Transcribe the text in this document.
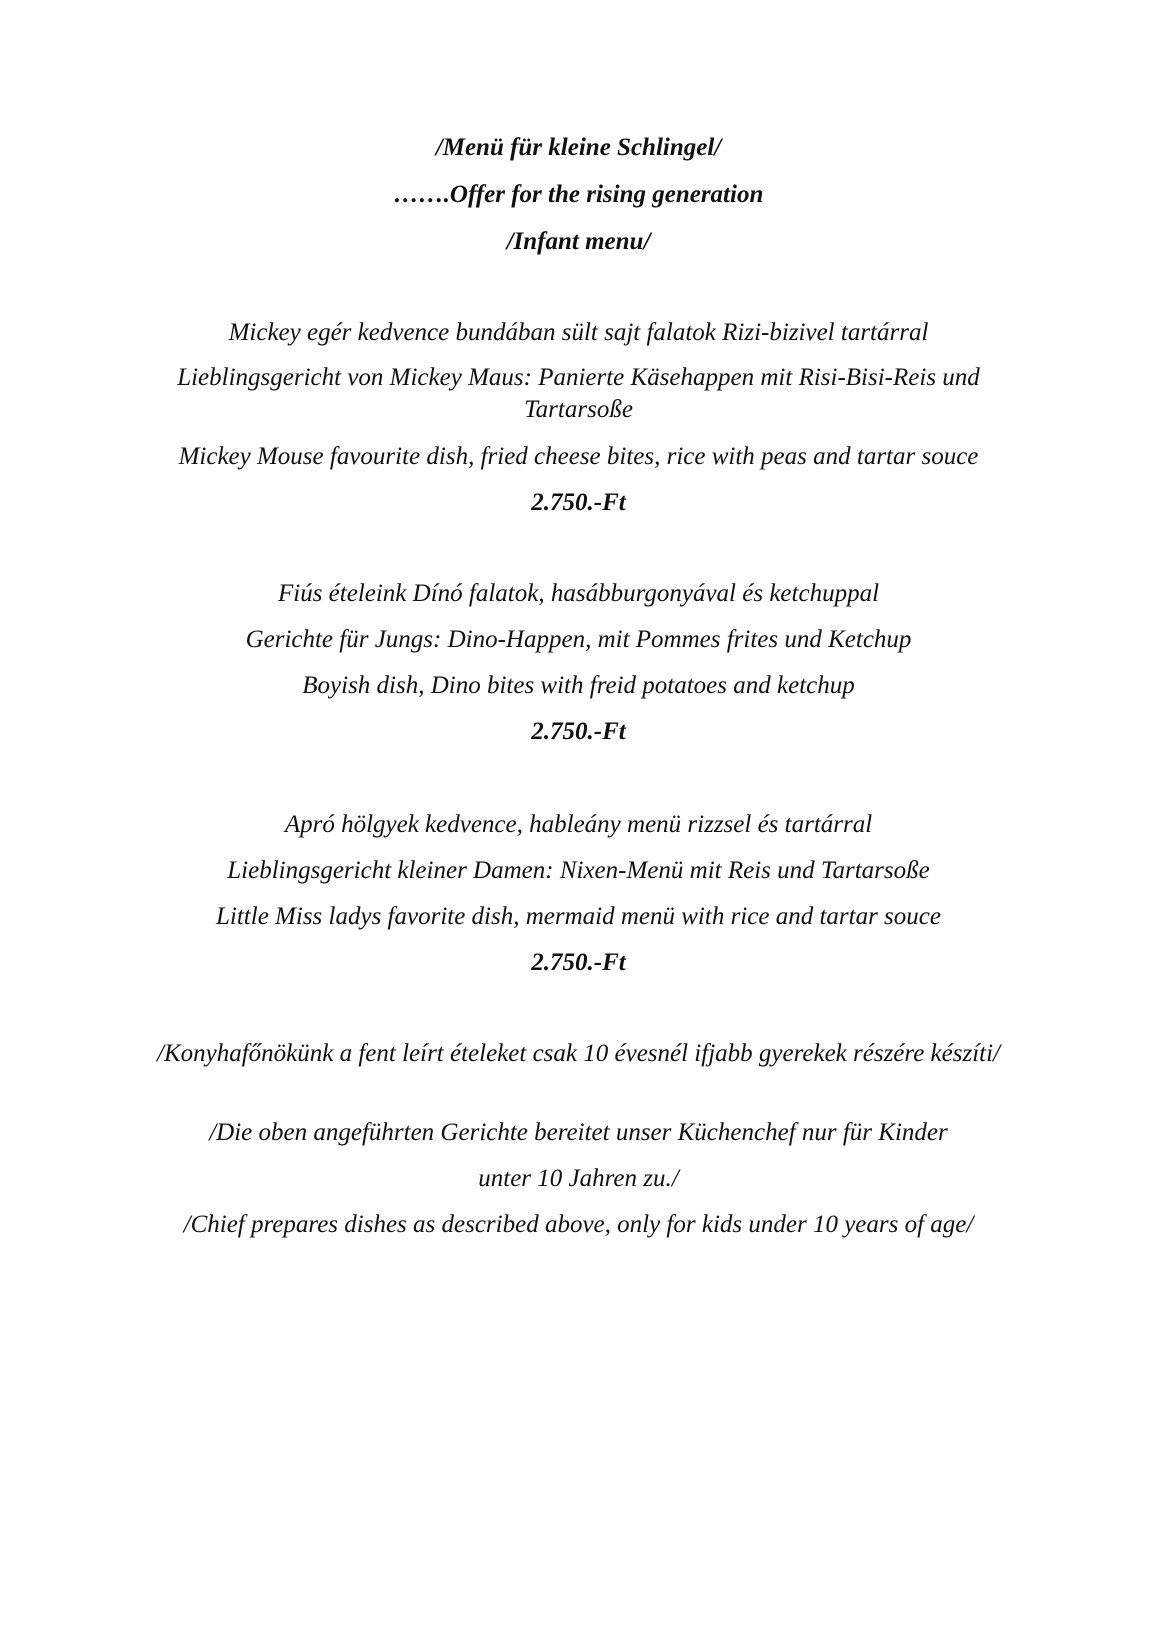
/Menü für kleine Schlingel/
…….Offer for the rising generation
/Infant menu/
Mickey egér kedvence bundában sült sajt falatok Rizi-bizivel tartárral
Lieblingsgericht von Mickey Maus: Panierte Käsehappen mit Risi-Bisi-Reis und Tartarsoße
Mickey Mouse favourite dish, fried cheese bites, rice with peas and tartar souce
2.750.-Ft
Fiús ételeink Dínó falatok, hasábburgonyával és ketchuppal
Gerichte für Jungs: Dino-Happen, mit Pommes frites und Ketchup
Boyish dish, Dino bites with freid potatoes and ketchup
2.750.-Ft
Apró hölgyek kedvence, hableány menü rizzsel és tartárral
Lieblingsgericht kleiner Damen: Nixen-Menü mit Reis und Tartarsoße
Little Miss ladys favorite dish, mermaid menü with rice and tartar souce
2.750.-Ft
/Konyhafőnökünk a fent leírt ételeket csak 10 évesnél ifjabb gyerekek részére készíti/
/Die oben angeführten Gerichte bereitet unser Küchenchef nur für Kinder
unter 10 Jahren zu./
/Chief prepares dishes as described above, only for kids under 10 years of age/
